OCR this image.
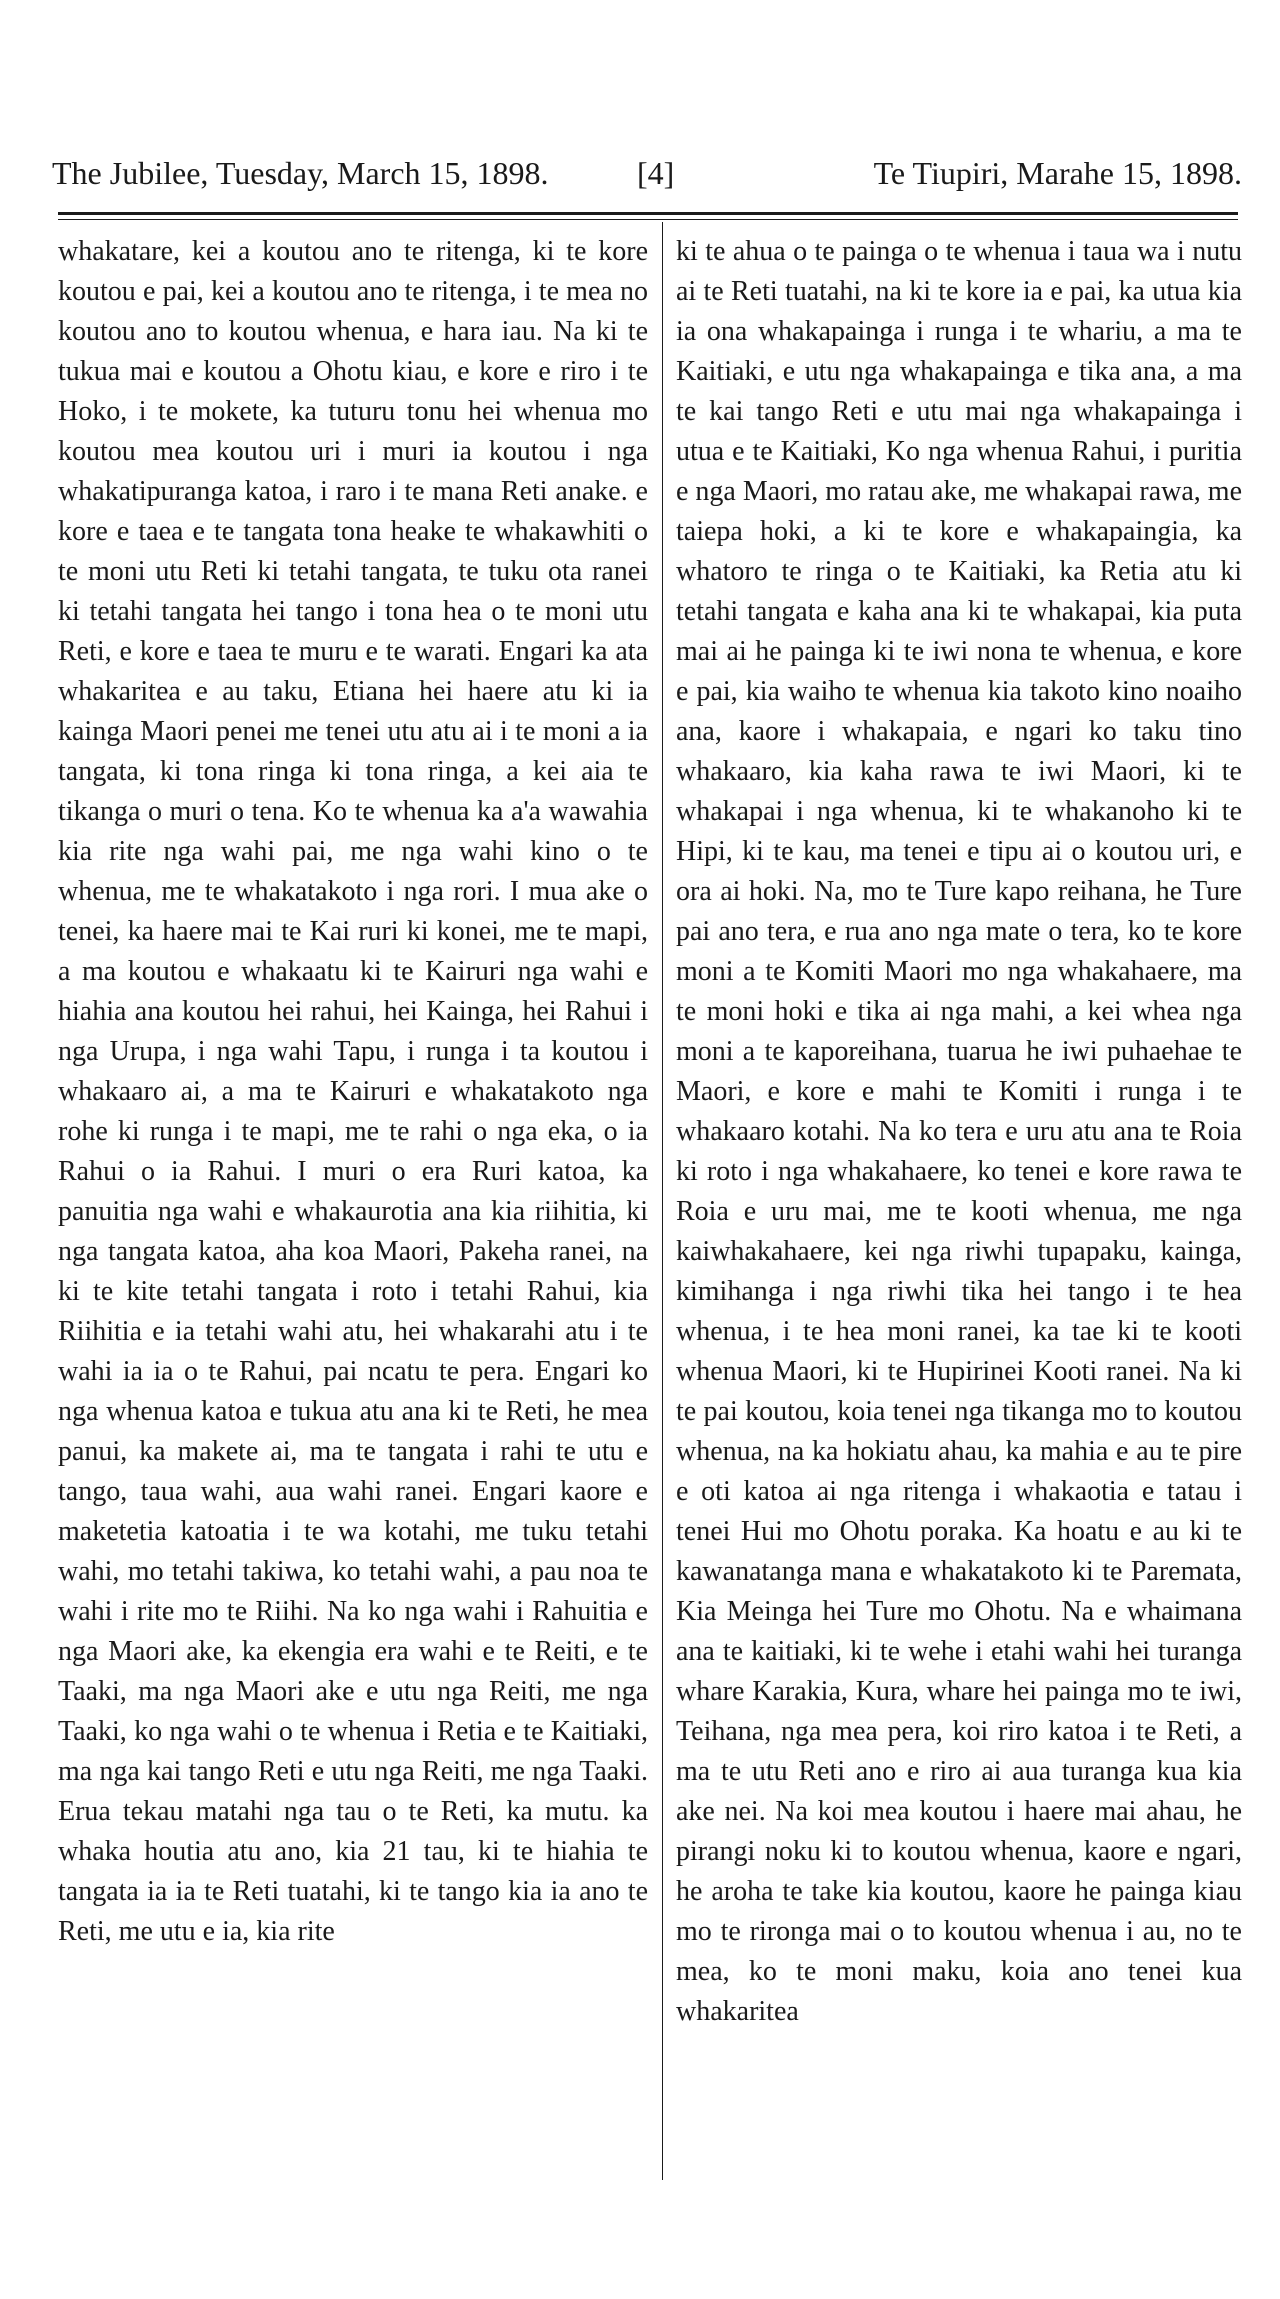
The Jubilee, Tuesday, March 15, 1898.	[4]	Te Tiupiri, Marahe 15, 1898.

whakatare, kei a koutou ano te ritenga, ki te kore koutou e pai, kei a koutou ano te ritenga, i te mea no koutou ano to koutou whenua, e hara iau. Na ki te tukua mai e koutou a Ohotu kiau, e kore e riro i te Hoko, i te mokete, ka tuturu tonu hei whenua mo koutou mea koutou uri i muri ia koutou i nga whakatipuranga katoa, i raro i te mana Reti anake. e kore e taea e te tangata tona heake te whakawhiti o te moni utu Reti ki tetahi tangata, te tuku ota ranei ki tetahi tangata hei tango i tona hea o te moni utu Reti, e kore e taea te muru e te warati. Engari ka ata whakaritea e au taku, Etiana hei haere atu ki ia kainga Maori penei me tenei utu atu ai i te moni a ia tangata, ki tona ringa ki tona ringa, a kei aia te tikanga o muri o tena. Ko te whenua ka a'a wawahia kia rite nga wahi pai, me nga wahi kino o te whenua, me te whakatakoto i nga rori. I mua ake o tenei, ka haere mai te Kai ruri ki konei, me te mapi, a ma koutou e whakaatu ki te Kairuri nga wahi e hiahia ana koutou hei rahui, hei Kainga, hei Rahui i nga Urupa, i nga wahi Tapu, i runga i ta koutou i whakaaro ai, a ma te Kairuri e whakatakoto nga rohe ki runga i te mapi, me te rahi o nga eka, o ia Rahui o ia Rahui. I muri o era Ruri katoa, ka panuitia nga wahi e whakaurotia ana kia riihitia, ki nga tangata katoa, aha koa Maori, Pakeha ranei, na ki te kite tetahi tangata i roto i tetahi Rahui, kia Riihitia e ia tetahi wahi atu, hei whakarahi atu i te wahi ia ia o te Rahui, pai ncatu te pera. Engari ko nga whenua katoa e tukua atu ana ki te Reti, he mea panui, ka makete ai, ma te tangata i rahi te utu e tango, taua wahi, aua wahi ranei. Engari kaore e maketetia katoatia i te wa kotahi, me tuku tetahi wahi, mo tetahi takiwa, ko tetahi wahi, a pau noa te wahi i rite mo te Riihi. Na ko nga wahi i Rahuitia e nga Maori ake, ka ekengia era wahi e te Reiti, e te Taaki, ma nga Maori ake e utu nga Reiti, me nga Taaki, ko nga wahi o te whenua i Retia e te Kaitiaki, ma nga kai tango Reti e utu nga Reiti, me nga Taaki. Erua tekau matahi nga tau o te Reti, ka mutu. ka whaka houtia atu ano, kia 21 tau, ki te hiahia te tangata ia ia te Reti tuatahi, ki te tango kia ia ano te Reti, me utu e ia, kia rite

ki te ahua o te painga o te whenua i taua wa i nutu ai te Reti tuatahi, na ki te kore ia e pai, ka utua kia ia ona whakapainga i runga i te whariu, a ma te Kaitiaki, e utu nga whakapainga e tika ana, a ma te kai tango Reti e utu mai nga whakapainga i utua e te Kaitiaki, Ko nga whenua Rahui, i puritia e nga Maori, mo ratau ake, me whakapai rawa, me taiepa hoki, a ki te kore e whakapaingia, ka whatoro te ringa o te Kaitiaki, ka Retia atu ki tetahi tangata e kaha ana ki te whakapai, kia puta mai ai he painga ki te iwi nona te whenua, e kore e pai, kia waiho te whenua kia takoto kino noaiho ana, kaore i whakapaia, e ngari ko taku tino whakaaro, kia kaha rawa te iwi Maori, ki te whakapai i nga whenua, ki te whakanoho ki te Hipi, ki te kau, ma tenei e tipu ai o koutou uri, e ora ai hoki. Na, mo te Ture kapo reihana, he Ture pai ano tera, e rua ano nga mate o tera, ko te kore moni a te Komiti Maori mo nga whakahaere, ma te moni hoki e tika ai nga mahi, a kei whea nga moni a te kaporeihana, tuarua he iwi puhaehae te Maori, e kore e mahi te Komiti i runga i te whakaaro kotahi. Na ko tera e uru atu ana te Roia ki roto i nga whakahaere, ko tenei e kore rawa te Roia e uru mai, me te kooti whenua, me nga kaiwhakahaere, kei nga riwhi tupapaku, kainga, kimihanga i nga riwhi tika hei tango i te hea whenua, i te hea moni ranei, ka tae ki te kooti whenua Maori, ki te Hupirinei Kooti ranei. Na ki te pai koutou, koia tenei nga tikanga mo to koutou whenua, na ka hokiatu ahau, ka mahia e au te pire e oti katoa ai nga ritenga i whakaotia e tatau i tenei Hui mo Ohotu poraka. Ka hoatu e au ki te kawanatanga mana e whakatakoto ki te Paremata, Kia Meinga hei Ture mo Ohotu. Na e whaimana ana te kaitiaki, ki te wehe i etahi wahi hei turanga whare Karakia, Kura, whare hei painga mo te iwi, Teihana, nga mea pera, koi riro katoa i te Reti, a ma te utu Reti ano e riro ai aua turanga kua kia ake nei. Na koi mea koutou i haere mai ahau, he pirangi noku ki to koutou whenua, kaore e ngari, he aroha te take kia koutou, kaore he painga kiau mo te rironga mai o to koutou whenua i au, no te mea, ko te moni maku, koia ano tenei kua whakaritea
